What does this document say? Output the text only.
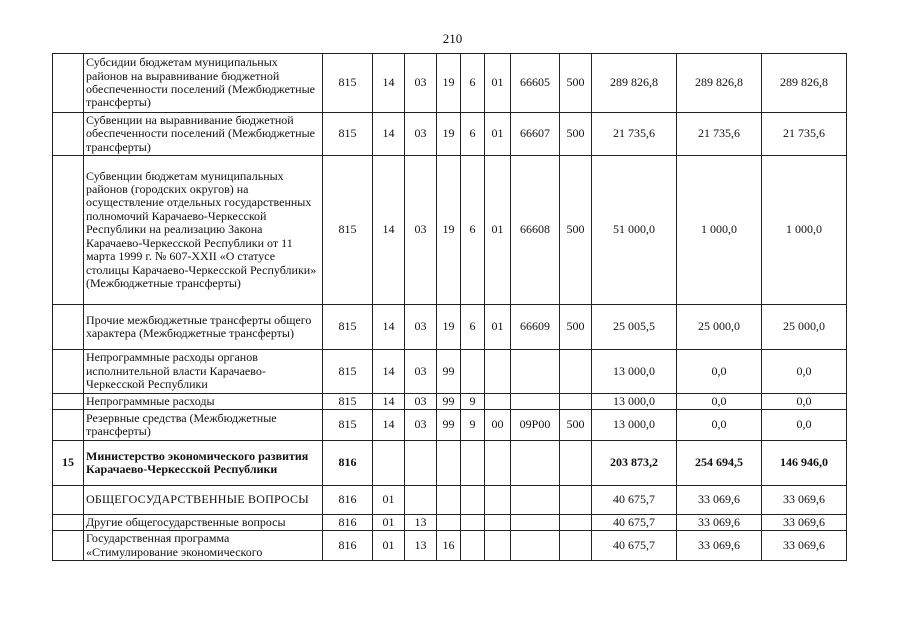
210
	Субсидии бюджетам муниципальных районов на выравнивание бюджетной обеспеченности поселений (Межбюджетные трансферты)	815	14	03	19	6	01	66605	500	289 826,8	289 826,8	289 826,8
	Субвенции на выравнивание бюджетной обеспеченности поселений (Межбюджетные трансферты)	815	14	03	19	6	01	66607	500	21 735,6	21 735,6	21 735,6
	Субвенции бюджетам муниципальных районов (городских округов) на осуществление отдельных государственных полномочий Карачаево-Черкесской Республики на реализацию Закона Карачаево-Черкесской Республики от 11 марта 1999 г. № 607-XXII «О статусе столицы Карачаево-Черкесской Республики» (Межбюджетные трансферты)	815	14	03	19	6	01	66608	500	51 000,0	1 000,0	1 000,0
	Прочие межбюджетные трансферты общего характера (Межбюджетные трансферты)	815	14	03	19	6	01	66609	500	25 005,5	25 000,0	25 000,0
	Непрограммные расходы органов исполнительной власти Карачаево-Черкесской Республики	815	14	03	99					13 000,0	0,0	0,0
	Непрограммные расходы	815	14	03	99	9				13 000,0	0,0	0,0
	Резервные средства (Межбюджетные трансферты)	815	14	03	99	9	00	09Р00	500	13 000,0	0,0	0,0
15	Министерство экономического развития Карачаево-Черкесской Республики	816								203 873,2	254 694,5	146 946,0
	ОБЩЕГОСУДАРСТВЕННЫЕ ВОПРОСЫ	816	01							40 675,7	33 069,6	33 069,6
	Другие общегосударственные вопросы	816	01	13						40 675,7	33 069,6	33 069,6
	Государственная программа «Стимулирование экономического	816	01	13	16					40 675,7	33 069,6	33 069,6
